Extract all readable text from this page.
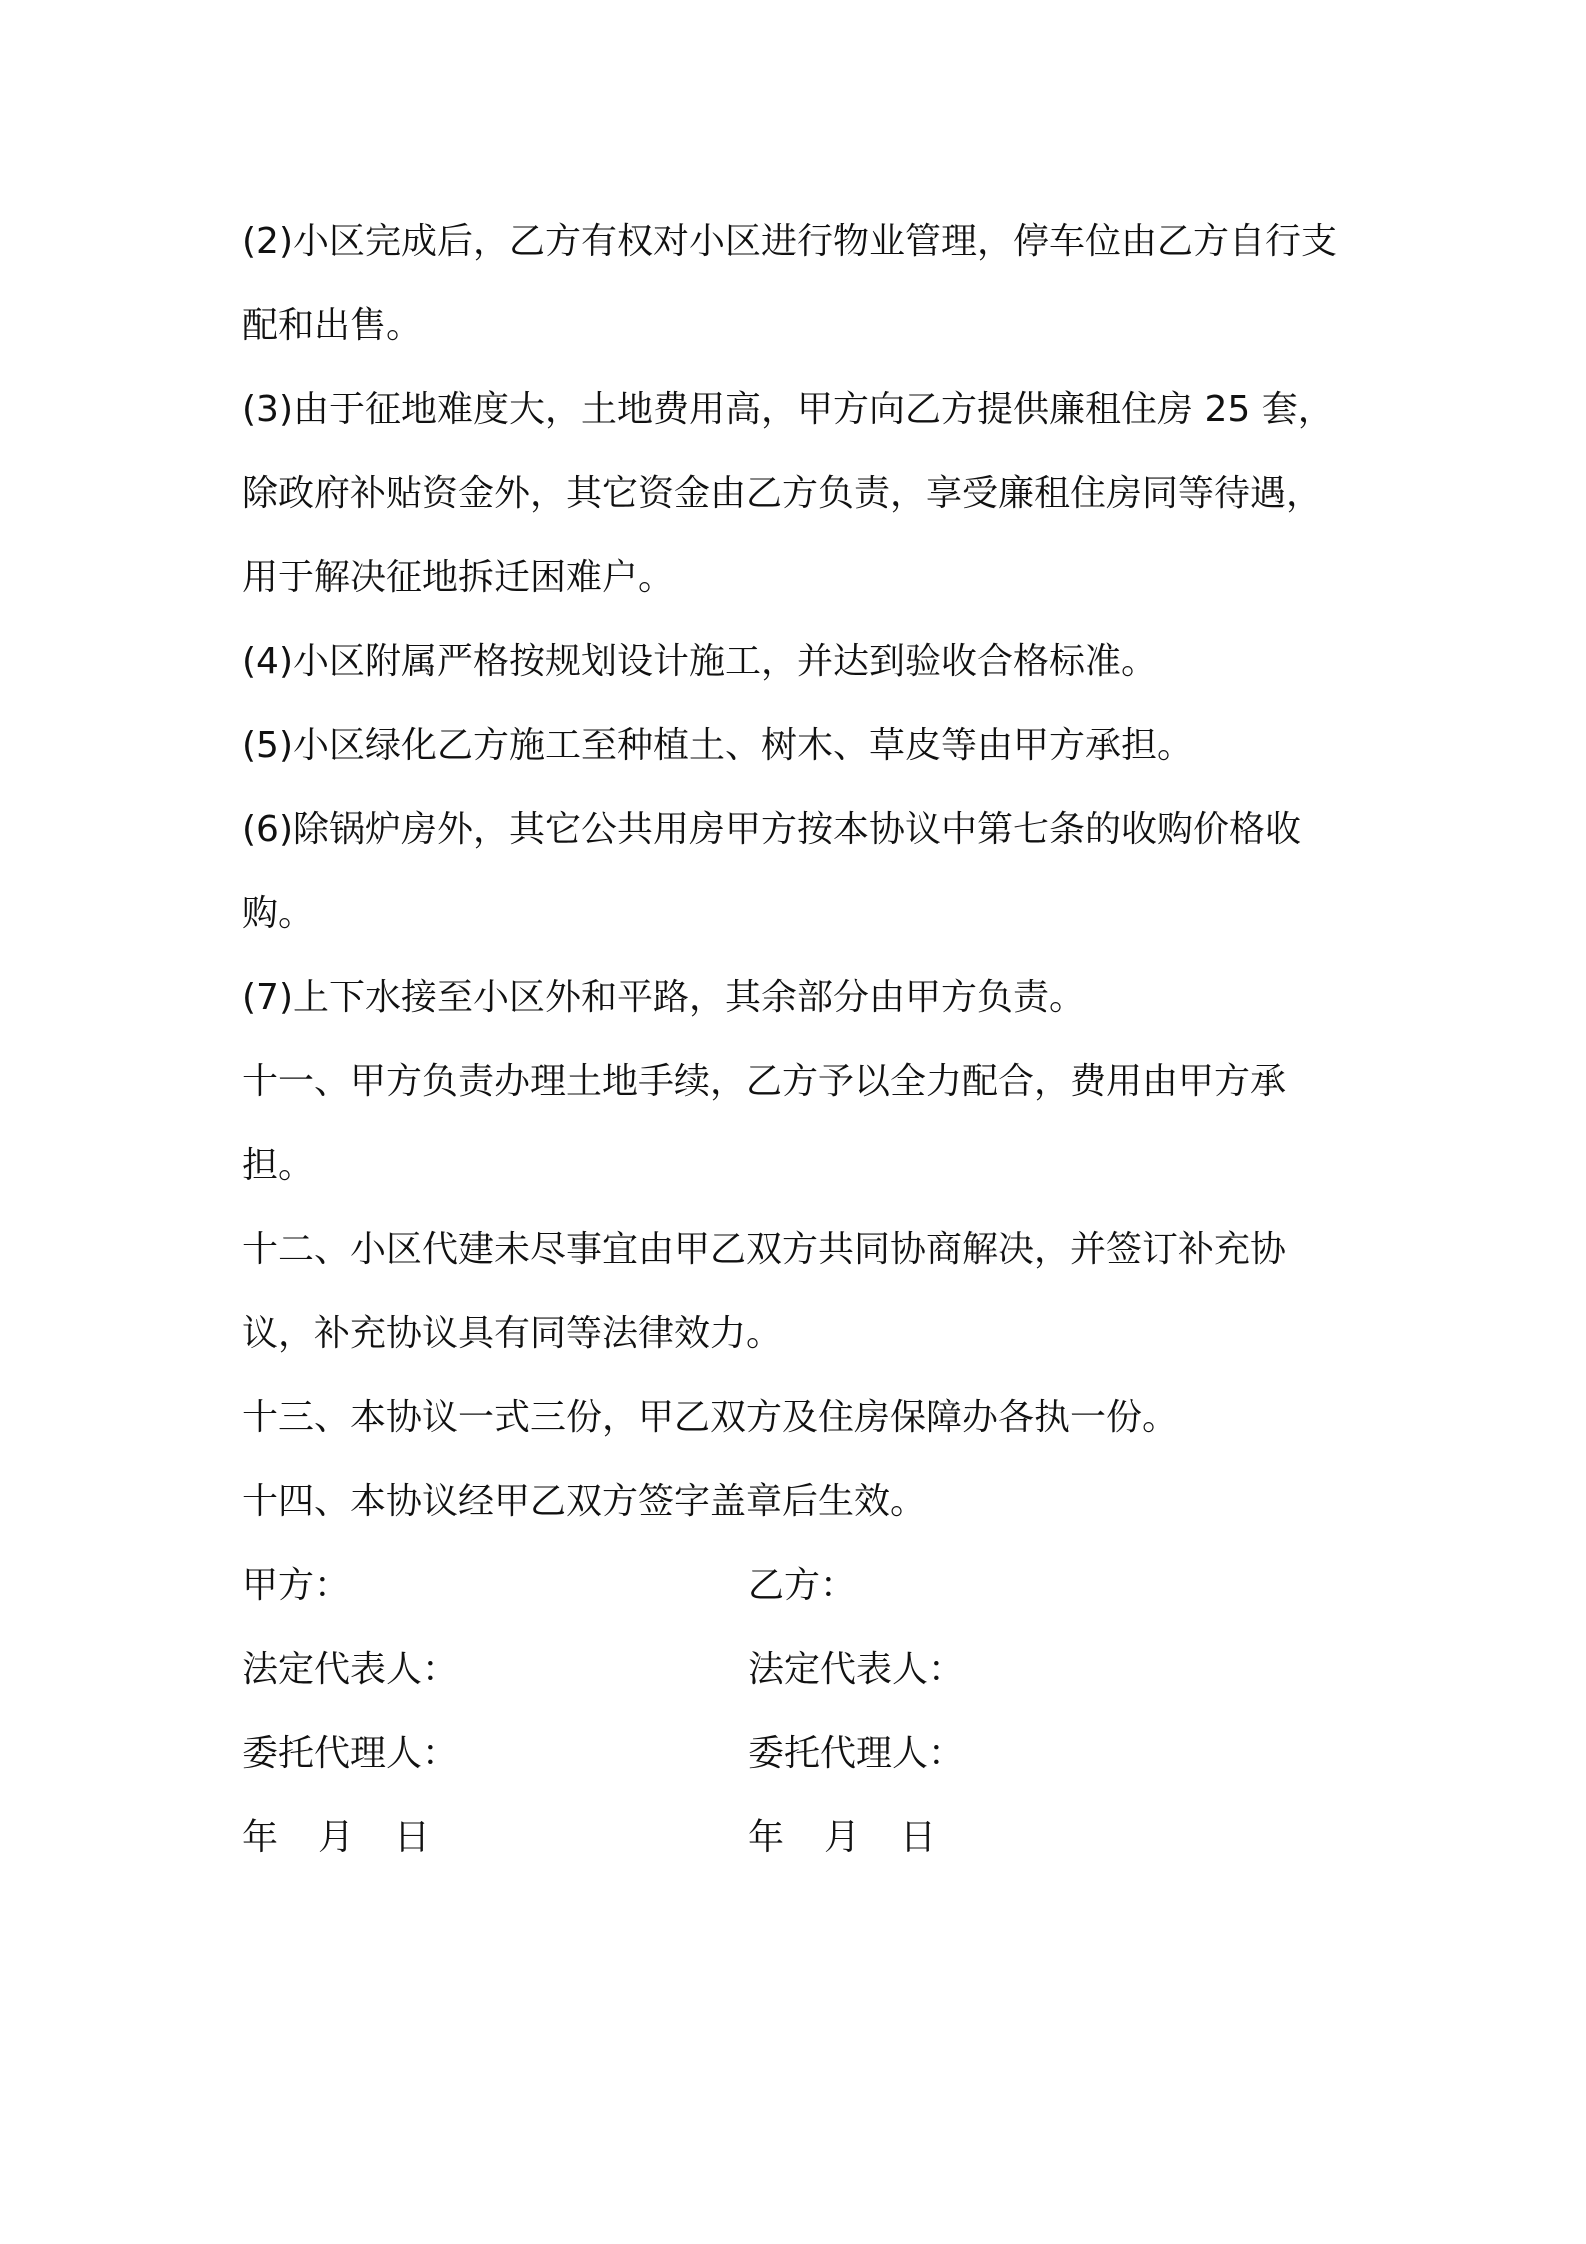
(2)小区完成后，乙方有权对小区进行物业管理，停车位由乙方自行支配和出售。

(3)由于征地难度大，土地费用高，甲方向乙方提供廉租住房 25 套，除政府补贴资金外，其它资金由乙方负责，享受廉租住房同等待遇，用于解决征地拆迁困难户。

(4)小区附属严格按规划设计施工，并达到验收合格标准。

(5)小区绿化乙方施工至种植土、树木、草皮等由甲方承担。

(6)除锅炉房外，其它公共用房甲方按本协议中第七条的收购价格收购。

(7)上下水接至小区外和平路，其余部分由甲方负责。

十一、甲方负责办理土地手续，乙方予以全力配合，费用由甲方承担。

十二、小区代建未尽事宜由甲乙双方共同协商解决，并签订补充协议，补充协议具有同等法律效力。

十三、本协议一式三份，甲乙双方及住房保障办各执一份。

十四、本协议经甲乙双方签字盖章后生效。

甲方：	乙方：
法定代表人：	法定代表人：
委托代理人：	委托代理人：
年 月 日	年 月 日
